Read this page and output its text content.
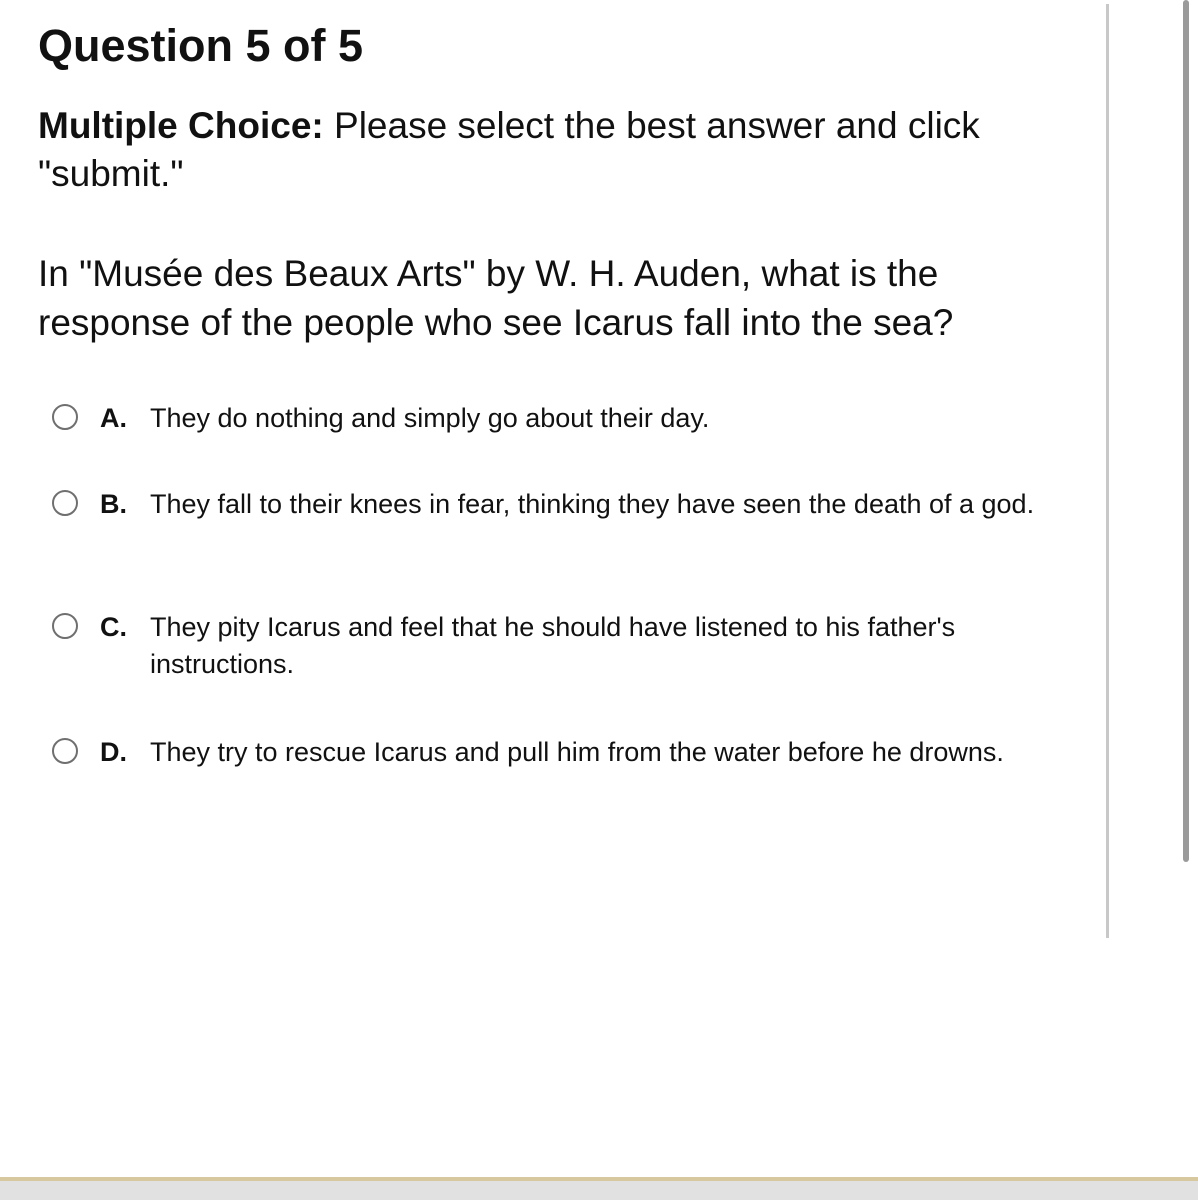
Question 5 of 5

Multiple Choice: Please select the best answer and click "submit."

In "Musée des Beaux Arts" by W. H. Auden, what is the response of the people who see Icarus fall into the sea?

A. They do nothing and simply go about their day.
B. They fall to their knees in fear, thinking they have seen the death of a god.
C. They pity Icarus and feel that he should have listened to his father's instructions.
D. They try to rescue Icarus and pull him from the water before he drowns.
